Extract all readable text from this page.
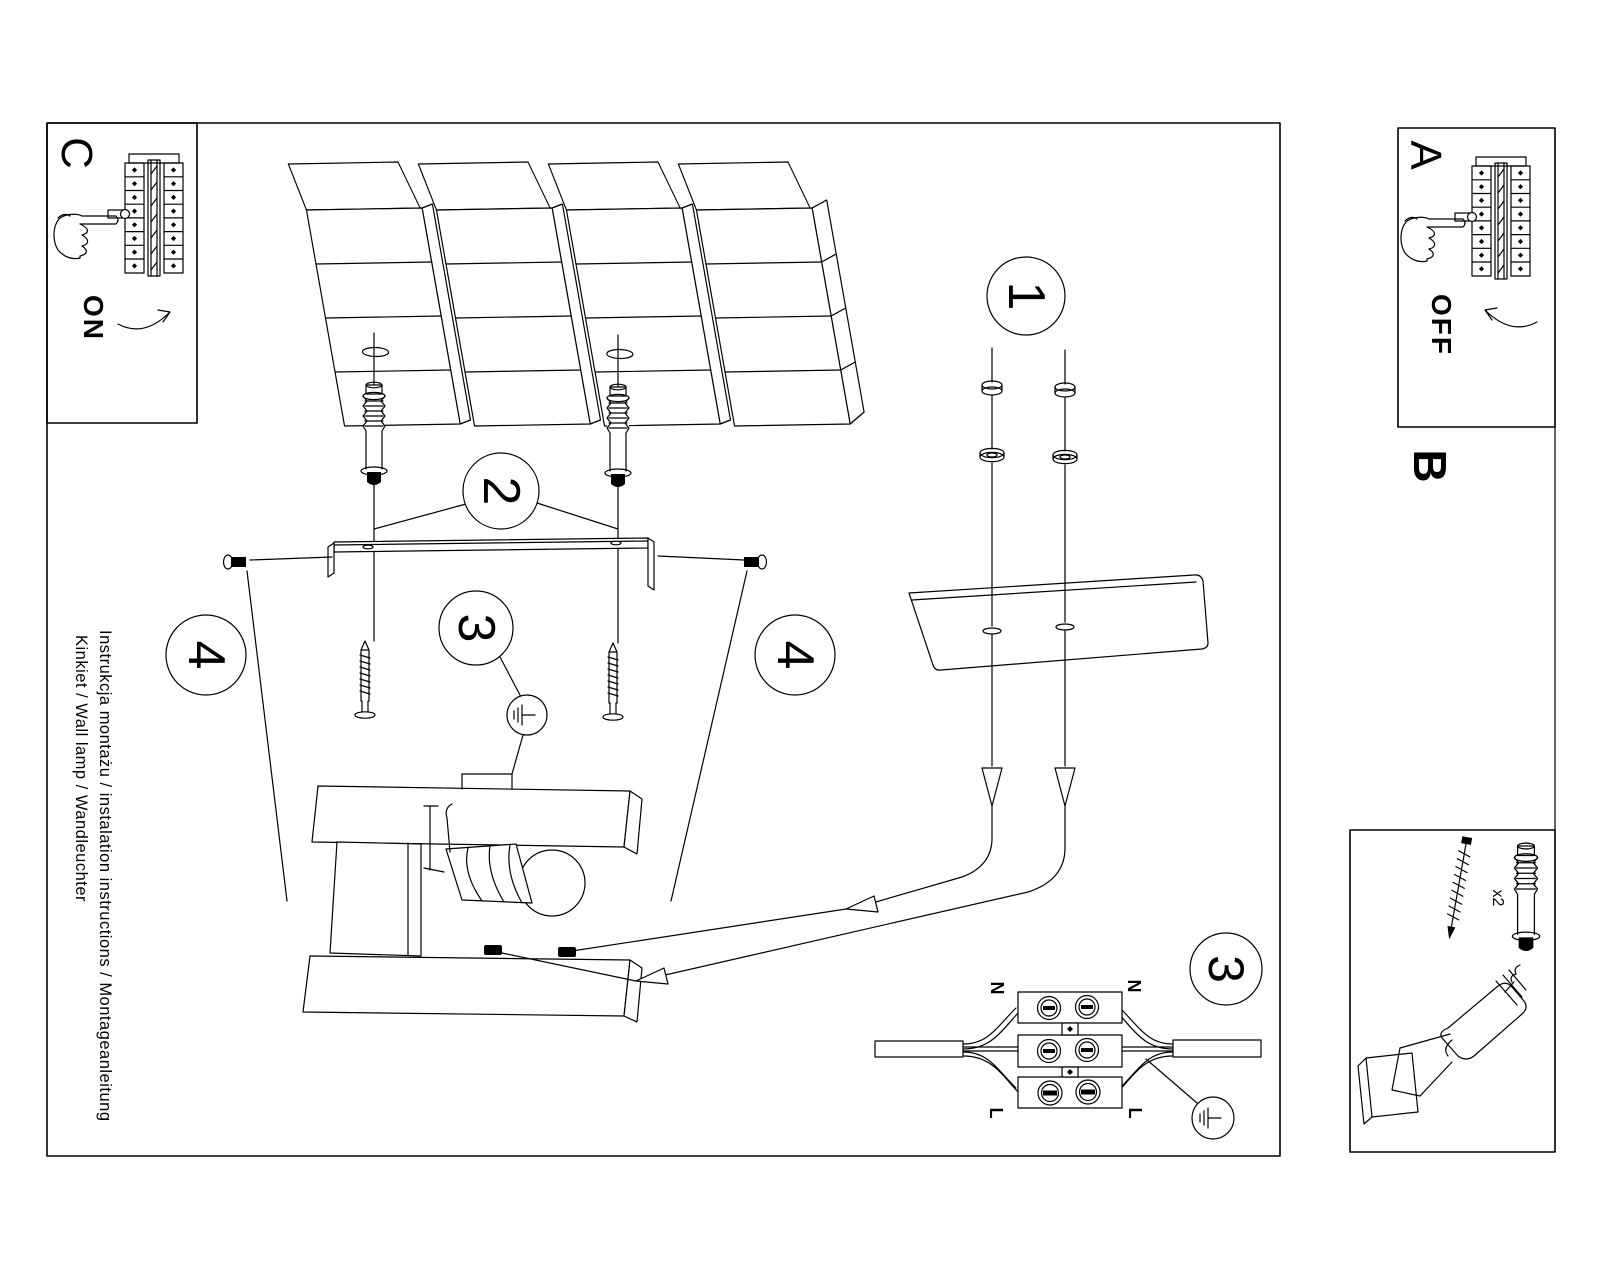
C
ON
A
OFF
B
1
2
3
4	4
3
N	N
L	L
x2
Instrukcja montażu / instalation instructions / Montageanleitung
Kinkiet / Wall lamp / Wandleuchter
